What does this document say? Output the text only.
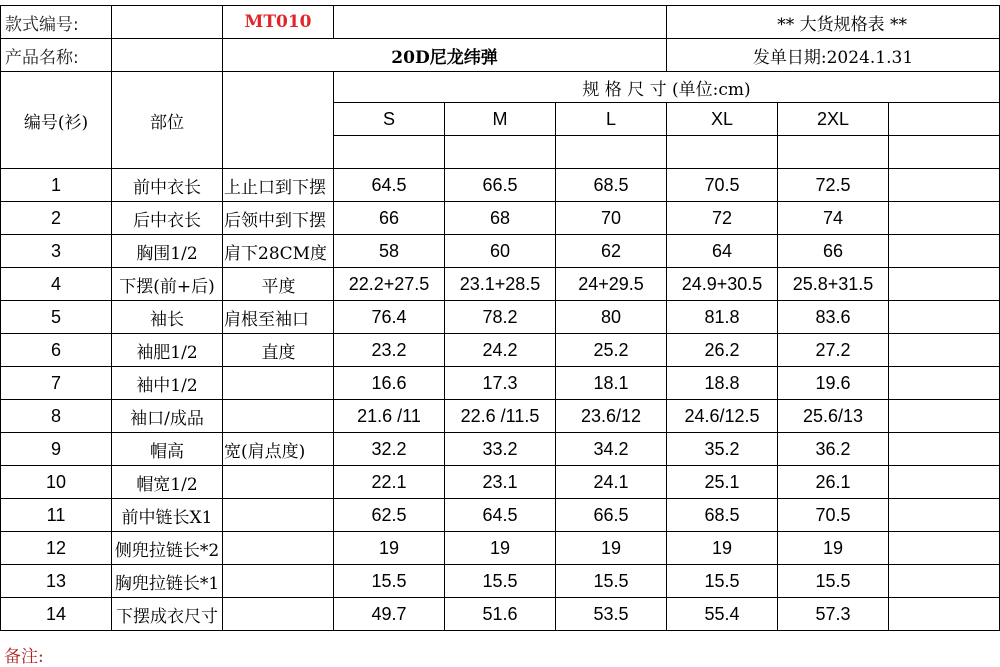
款式编号:		MT010				** 大货规格表 **		
产品名称:		20D尼龙纬弹				发单日期:2024.1.31		
编号(衫)	部位		规 格 尺 寸 (单位:cm)					
			S	M	L	XL	2XL	

1	前中衣长	上止口到下摆	64.5	66.5	68.5	70.5	72.5	
2	后中衣长	后领中到下摆	66	68	70	72	74	
3	胸围1/2	肩下28CM度	58	60	62	64	66	
4	下摆(前+后)	平度	22.2+27.5	23.1+28.5	24+29.5	24.9+30.5	25.8+31.5	
5	袖长	肩根至袖口	76.4	78.2	80	81.8	83.6	
6	袖肥1/2	直度	23.2	24.2	25.2	26.2	27.2	
7	袖中1/2		16.6	17.3	18.1	18.8	19.6	
8	袖口/成品		21.6 /11	22.6 /11.5	23.6/12	24.6/12.5	25.6/13	
9	帽高	宽(肩点度)	32.2	33.2	34.2	35.2	36.2	
10	帽宽1/2		22.1	23.1	24.1	25.1	26.1	
11	前中链长X1		62.5	64.5	66.5	68.5	70.5	
12	侧兜拉链长*2		19	19	19	19	19	
13	胸兜拉链长*1		15.5	15.5	15.5	15.5	15.5	
14	下摆成衣尺寸		49.7	51.6	53.5	55.4	57.3	
备注:
